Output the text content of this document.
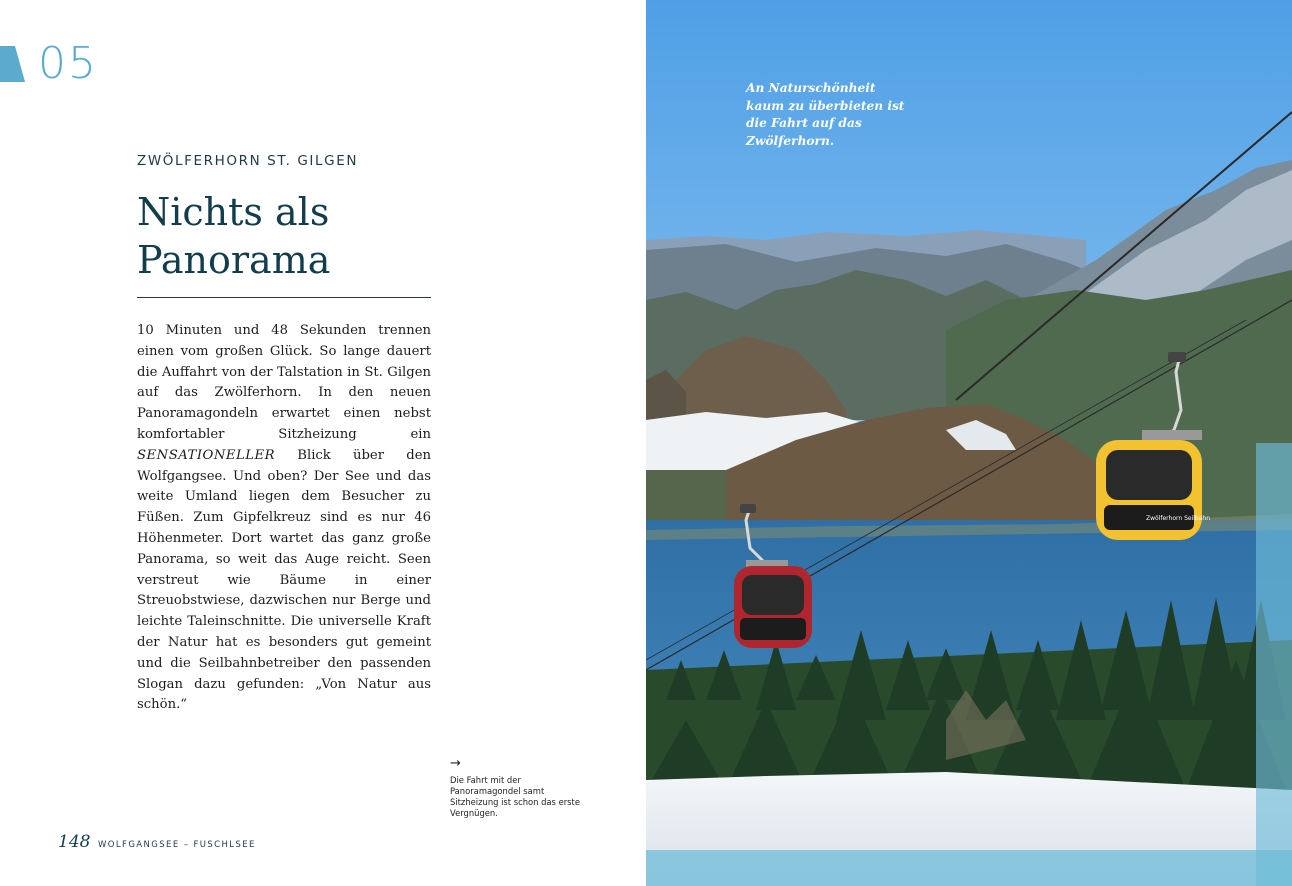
05
ZWÖLFERHORN ST. GILGEN
Nichts als
Panorama

10 Minuten und 48 Sekunden trennen einen vom großen Glück. So lange dauert die Auffahrt von der Talstation in St. Gilgen auf das Zwölferhorn. In den neuen Panoramagondeln erwartet einen nebst komfortabler Sitzheizung ein SENSATIONELLER Blick über den Wolfgangsee. Und oben? Der See und das weite Umland liegen dem Besucher zu Füßen. Zum Gipfelkreuz sind es nur 46 Höhenmeter. Dort wartet das ganz große Panorama, so weit das Auge reicht. Seen verstreut wie Bäume in einer Streuobstwiese, dazwischen nur Berge und leichte Taleinschnitte. Die universelle Kraft der Natur hat es besonders gut gemeint und die Seilbahnbetreiber den passenden Slogan dazu gefunden: „Von Natur aus schön.“

→

Die Fahrt mit der Panoramagondel samt Sitzheizung ist schon das erste Vergnügen.

148 WOLFGANGSEE – FUSCHLSEE
Zwölferhorn Seilbahn

An Naturschönheit kaum zu überbieten ist die Fahrt auf das Zwölferhorn.
